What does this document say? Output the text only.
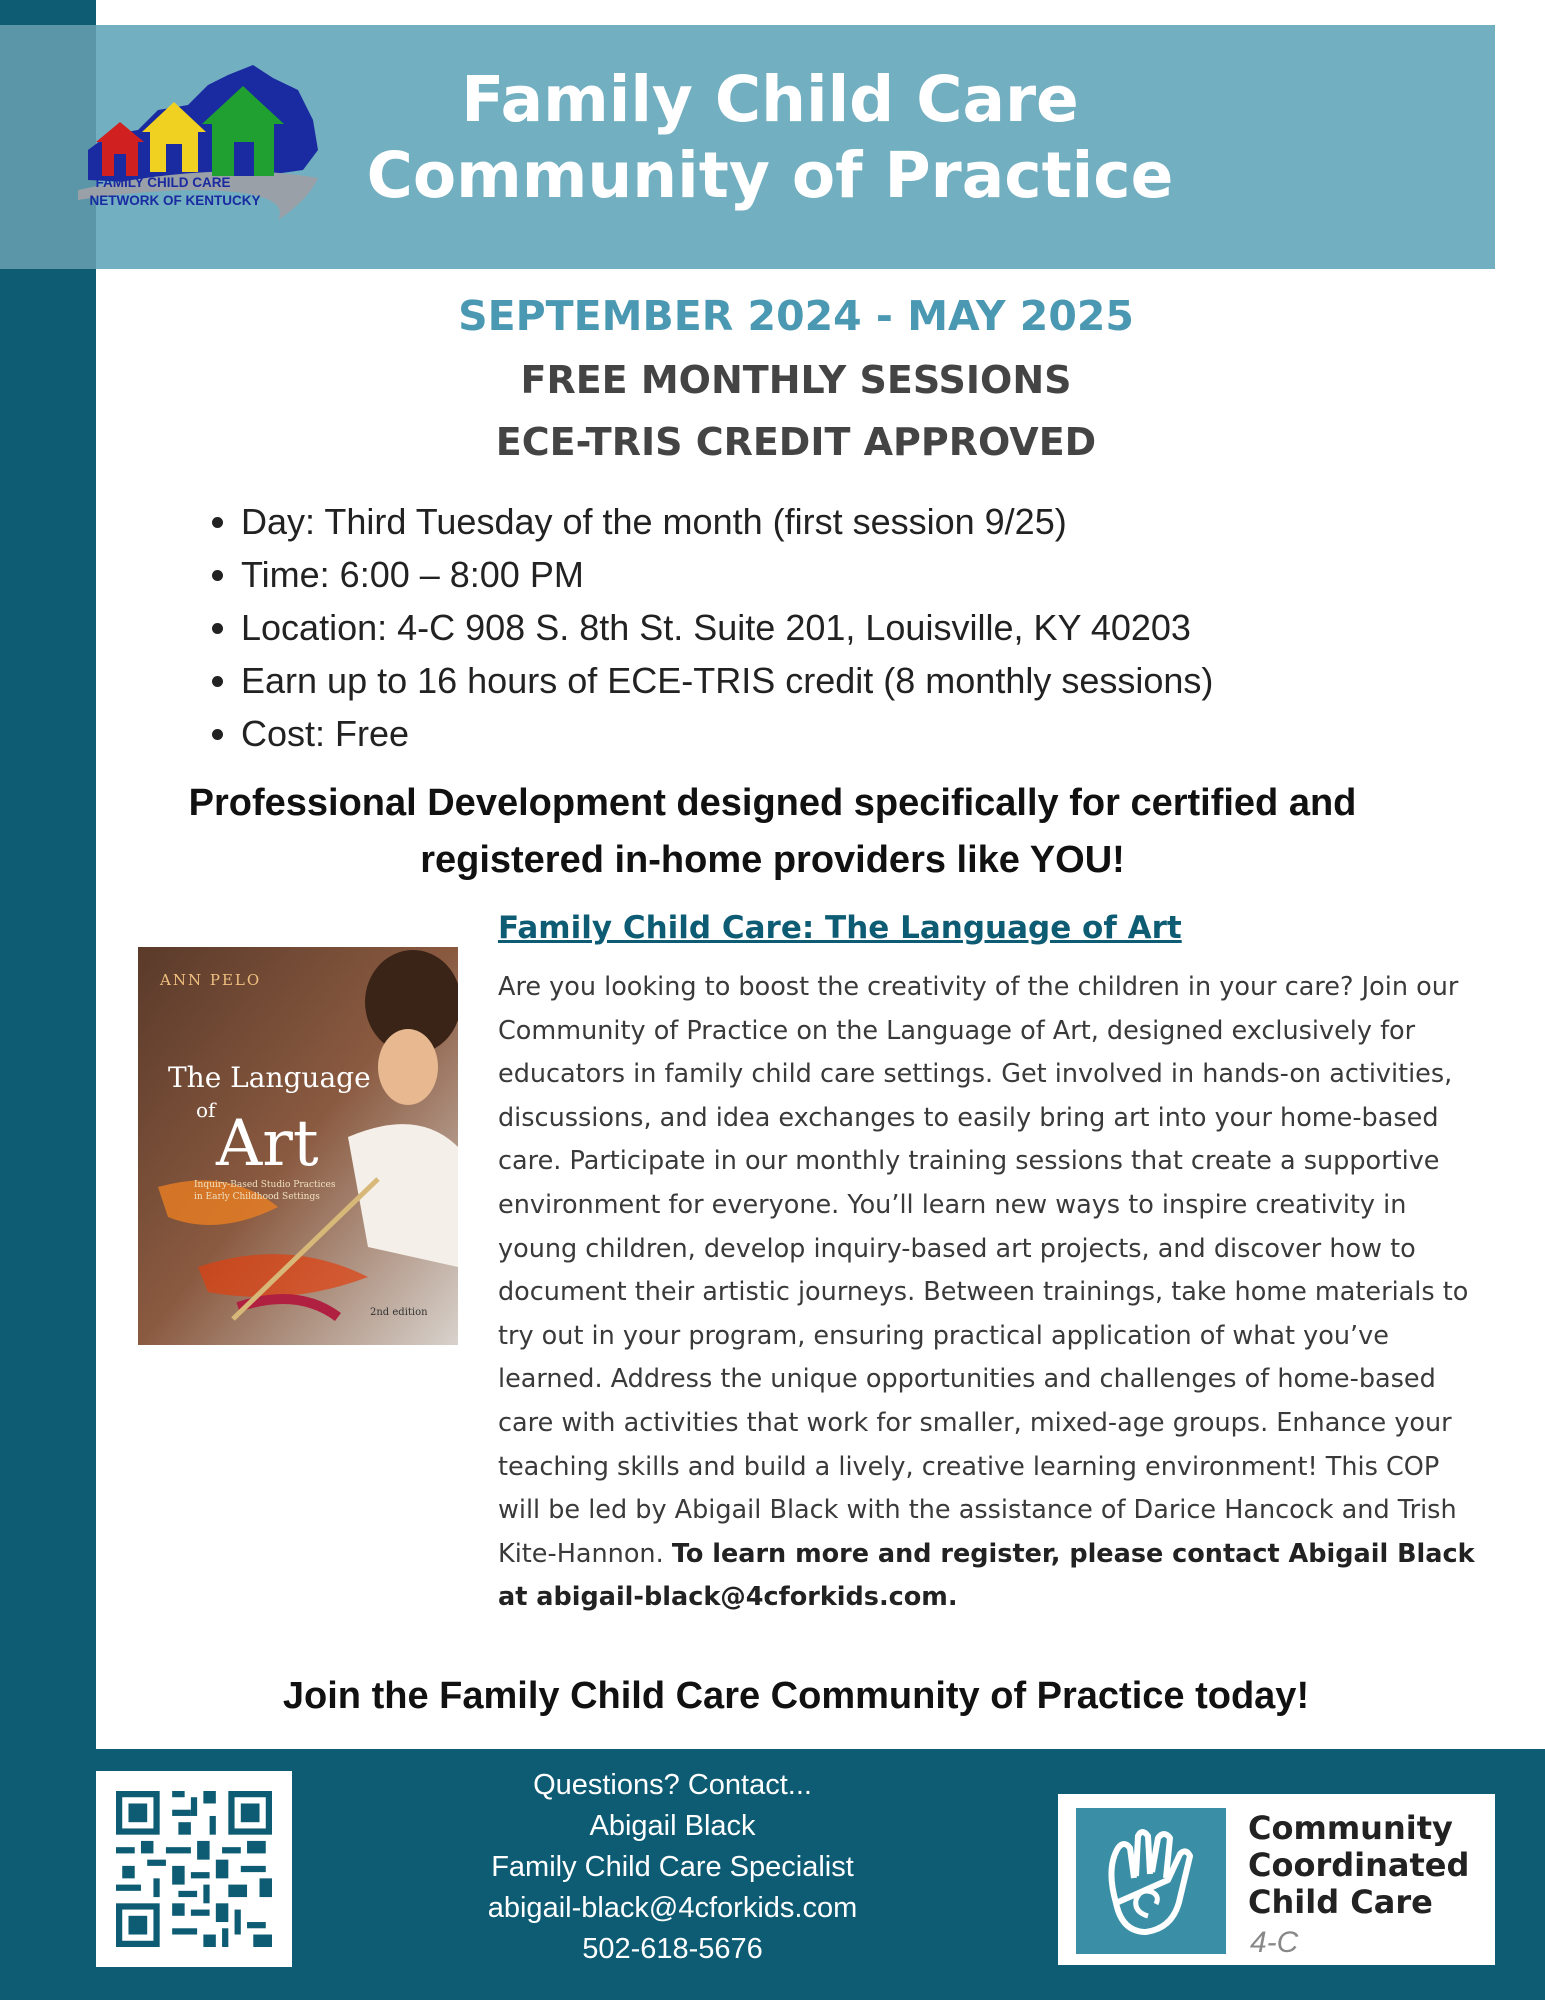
FAMILY CHILD CARE
NETWORK OF KENTUCKY
Family Child Care
Community of Practice
SEPTEMBER 2024 - MAY 2025
FREE MONTHLY SESSIONS
ECE-TRIS CREDIT APPROVED
• Day: Third Tuesday of the month (first session 9/25)
• Time: 6:00 – 8:00 PM
• Location: 4-C 908 S. 8th St. Suite 201, Louisville, KY 40203
• Earn up to 16 hours of ECE-TRIS credit (8 monthly sessions)
• Cost: Free
Professional Development designed specifically for certified and
registered in-home providers like YOU!
ANN PELO
The Language
of Art
Inquiry-Based Studio Practices
in Early Childhood Settings
2nd edition
Family Child Care: The Language of Art
Are you looking to boost the creativity of the children in your care? Join our Community of Practice on the Language of Art, designed exclusively for educators in family child care settings. Get involved in hands-on activities, discussions, and idea exchanges to easily bring art into your home-based care. Participate in our monthly training sessions that create a supportive environment for everyone. You’ll learn new ways to inspire creativity in young children, develop inquiry-based art projects, and discover how to document their artistic journeys. Between trainings, take home materials to try out in your program, ensuring practical application of what you’ve learned. Address the unique opportunities and challenges of home-based care with activities that work for smaller, mixed-age groups. Enhance your teaching skills and build a lively, creative learning environment! This COP will be led by Abigail Black with the assistance of Darice Hancock and Trish Kite-Hannon. To learn more and register, please contact Abigail Black at abigail-black@4cforkids.com.
Join the Family Child Care Community of Practice today!
Questions? Contact...
Abigail Black
Family Child Care Specialist
abigail-black@4cforkids.com
502-618-5676
Community
Coordinated
Child Care
4-C
